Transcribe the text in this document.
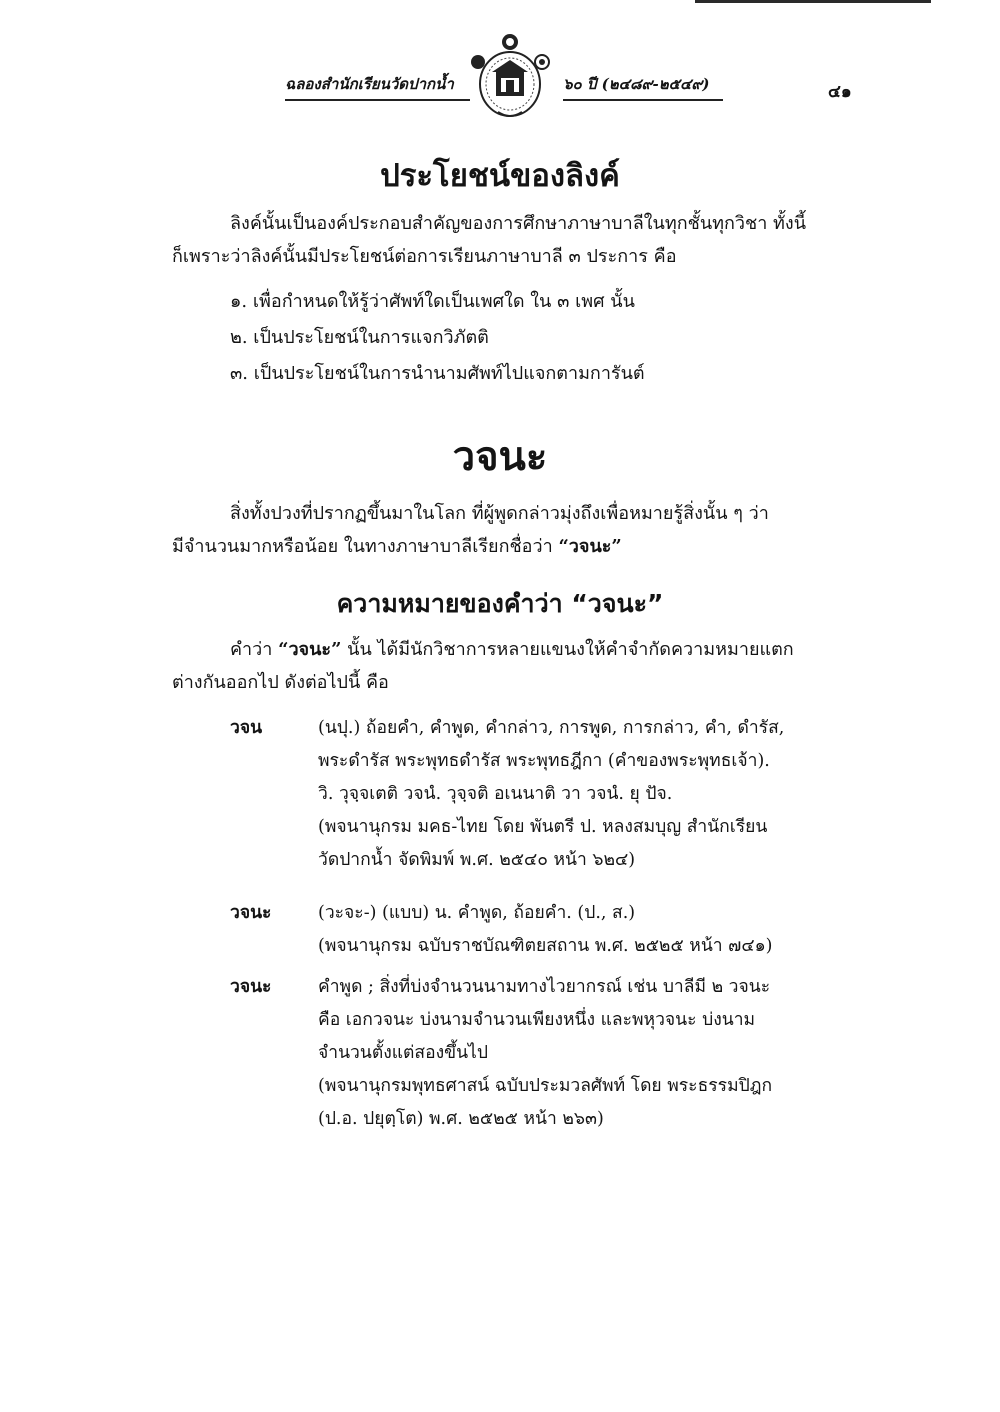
ฉลองสำนักเรียนวัดปากน้ำ	๖๐ ปี (๒๔๘๙-๒๕๔๙)	๔๑
ประโยชน์ของลิงค์
ลิงค์นั้นเป็นองค์ประกอบสำคัญของการศึกษาภาษาบาลีในทุกชั้นทุกวิชา ทั้งนี้
ก็เพราะว่าลิงค์นั้นมีประโยชน์ต่อการเรียนภาษาบาลี ๓ ประการ คือ
๑. เพื่อกำหนดให้รู้ว่าศัพท์ใดเป็นเพศใด ใน ๓ เพศ นั้น
๒. เป็นประโยชน์ในการแจกวิภัตติ
๓. เป็นประโยชน์ในการนำนามศัพท์ไปแจกตามการันต์
วจนะ
สิ่งทั้งปวงที่ปรากฏขึ้นมาในโลก ที่ผู้พูดกล่าวมุ่งถึงเพื่อหมายรู้สิ่งนั้น ๆ ว่า
มีจำนวนมากหรือน้อย ในทางภาษาบาลีเรียกชื่อว่า “วจนะ”
ความหมายของคำว่า “วจนะ”
คำว่า “วจนะ” นั้น ได้มีนักวิชาการหลายแขนงให้คำจำกัดความหมายแตก
ต่างกันออกไป ดังต่อไปนี้ คือ
วจน	(นปุ.) ถ้อยคำ, คำพูด, คำกล่าว, การพูด, การกล่าว, คำ, ดำรัส,
พระดำรัส พระพุทธดำรัส พระพุทธฎีกา (คำของพระพุทธเจ้า).
วิ. วุจฺจเตติ วจนํ. วุจฺจติ อเนนาติ วา วจนํ. ยุ ปัจ.
(พจนานุกรม มคธ-ไทย โดย พันตรี ป. หลงสมบุญ สำนักเรียน
วัดปากน้ำ จัดพิมพ์ พ.ศ. ๒๕๔๐ หน้า ๖๒๔)
วจนะ	(วะจะ-) (แบบ) น. คำพูด, ถ้อยคำ. (ป., ส.)
(พจนานุกรม ฉบับราชบัณฑิตยสถาน พ.ศ. ๒๕๒๕ หน้า ๗๔๑)
วจนะ	คำพูด ; สิ่งที่บ่งจำนวนนามทางไวยากรณ์ เช่น บาลีมี ๒ วจนะ
คือ เอกวจนะ บ่งนามจำนวนเพียงหนึ่ง และพหุวจนะ บ่งนาม
จำนวนตั้งแต่สองขึ้นไป
(พจนานุกรมพุทธศาสน์ ฉบับประมวลศัพท์ โดย พระธรรมปิฎก
(ป.อ. ปยุตฺโต) พ.ศ. ๒๕๒๕ หน้า ๒๖๓)
